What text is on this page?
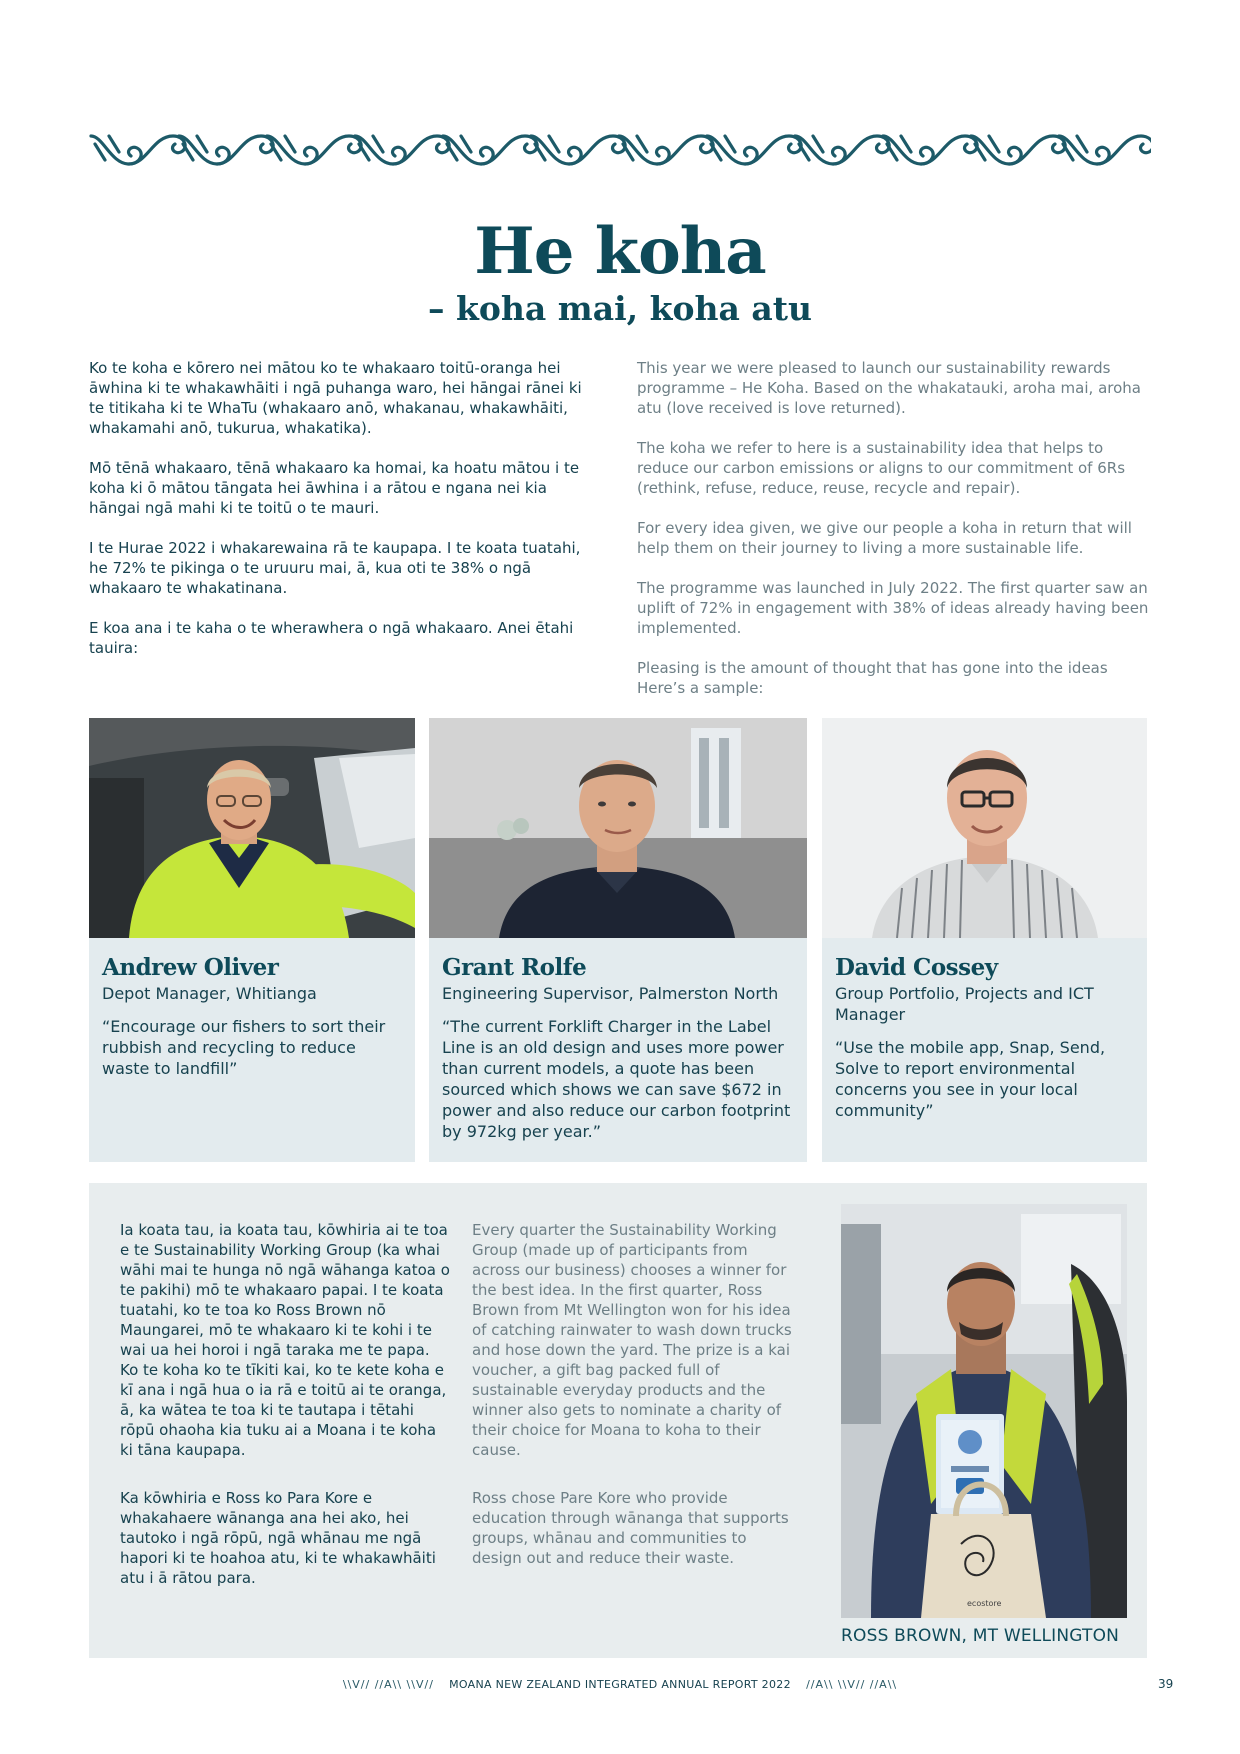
He koha
– koha mai, koha atu

Ko te koha e kōrero nei mātou ko te whakaaro toitū-oranga hei āwhina ki te whakawhāiti i ngā puhanga waro, hei hāngai rānei ki te titikaha ki te WhaTu (whakaaro anō, whakanau, whakawhāiti, whakamahi anō, tukurua, whakatika).

Mō tēnā whakaaro, tēnā whakaaro ka homai, ka hoatu mātou i te koha ki ō mātou tāngata hei āwhina i a rātou e ngana nei kia hāngai ngā mahi ki te toitū o te mauri.

I te Hurae 2022 i whakarewaina rā te kaupapa. I te koata tuatahi, he 72% te pikinga o te uruuru mai, ā, kua oti te 38% o ngā whakaaro te whakatinana.

E koa ana i te kaha o te wherawhera o ngā whakaaro. Anei ētahi tauira:

This year we were pleased to launch our sustainability rewards programme – He Koha. Based on the whakatauki, aroha mai, aroha atu (love received is love returned).

The koha we refer to here is a sustainability idea that helps to reduce our carbon emissions or aligns to our commitment of 6Rs (rethink, refuse, reduce, reuse, recycle and repair).

For every idea given, we give our people a koha in return that will help them on their journey to living a more sustainable life.

The programme was launched in July 2022. The first quarter saw an uplift of 72% in engagement with 38% of ideas already having been implemented.

Pleasing is the amount of thought that has gone into the ideas Here’s a sample:

Andrew Oliver
Depot Manager, Whitianga
“Encourage our fishers to sort their rubbish and recycling to reduce waste to landfill”
Grant Rolfe
Engineering Supervisor, Palmerston North
“The current Forklift Charger in the Label Line is an old design and uses more power than current models, a quote has been sourced which shows we can save $672 in power and also reduce our carbon footprint by 972kg per year.”
David Cossey
Group Portfolio, Projects and ICT Manager
“Use the mobile app, Snap, Send, Solve to report environmental concerns you see in your local community”

Ia koata tau, ia koata tau, kōwhiria ai te toa e te Sustainability Working Group (ka whai wāhi mai te hunga nō ngā wāhanga katoa o te pakihi) mō te whakaaro papai. I te koata tuatahi, ko te toa ko Ross Brown nō Maungarei, mō te whakaaro ki te kohi i te wai ua hei horoi i ngā taraka me te papa. Ko te koha ko te tīkiti kai, ko te kete koha e kī ana i ngā hua o ia rā e toitū ai te oranga, ā, ka wātea te toa ki te tautapa i tētahi rōpū ohaoha kia tuku ai a Moana i te koha ki tāna kaupapa.

Ka kōwhiria e Ross ko Para Kore e whakahaere wānanga ana hei ako, hei tautoko i ngā rōpū, ngā whānau me ngā hapori ki te hoahoa atu, ki te whakawhāiti atu i ā rātou para.

Every quarter the Sustainability Working Group (made up of participants from across our business) chooses a winner for the best idea. In the first quarter, Ross Brown from Mt Wellington won for his idea of catching rainwater to wash down trucks and hose down the yard. The prize is a kai voucher, a gift bag packed full of sustainable everyday products and the winner also gets to nominate a charity of their choice for Moana to koha to their cause.

Ross chose Pare Kore who provide education through wānanga that supports groups, whānau and communities to design out and reduce their waste.

ecostore
ROSS BROWN, MT WELLINGTON
\\V// //A\\ \\V// MOANA NEW ZEALAND INTEGRATED ANNUAL REPORT 2022 //A\\ \\V// //A\\	39
